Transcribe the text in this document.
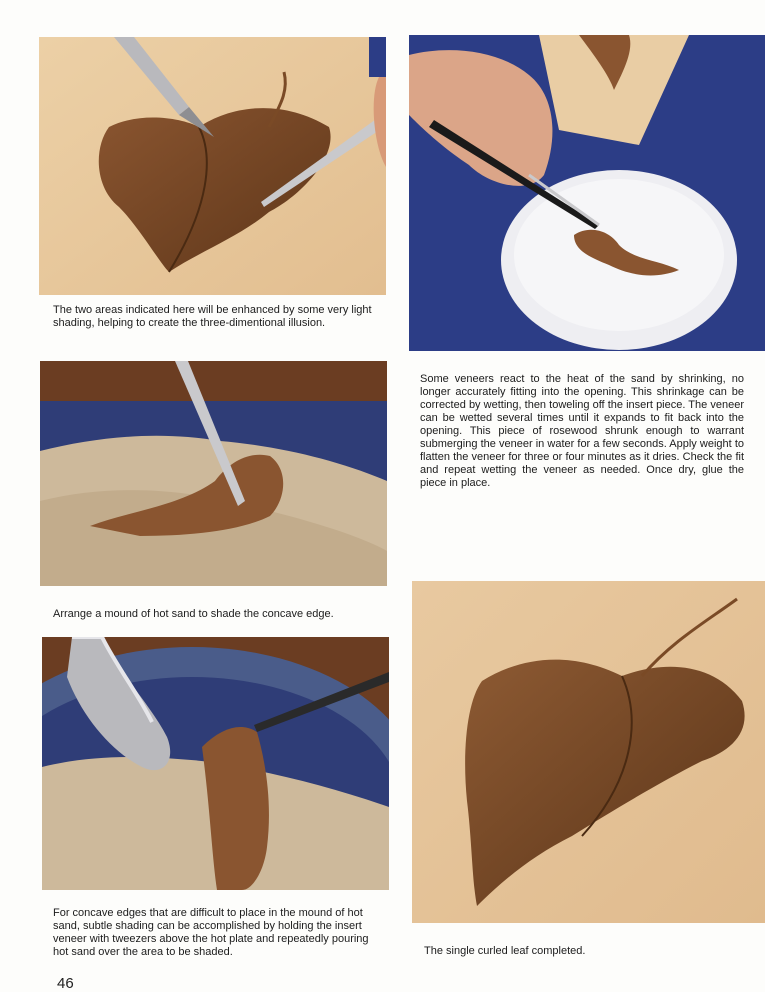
The two areas indicated here will be enhanced by some very light shading, helping to create the three-dimentional illusion.

Some veneers react to the heat of the sand by shrinking, no longer accurately fitting into the opening. This shrinkage can be corrected by wetting, then toweling off the insert piece. The veneer can be wetted several times until it expands to fit back into the opening. This piece of rosewood shrunk enough to warrant submerging the veneer in water for a few seconds. Apply weight to flatten the veneer for three or four minutes as it dries. Check the fit and repeat wetting the veneer as needed. Once dry, glue the piece in place.

Arrange a mound of hot sand to shade the concave edge.

For concave edges that are difficult to place in the mound of hot sand, subtle shading can be accomplished by holding the insert veneer with tweezers above the hot plate and repeatedly pouring hot sand over the area to be shaded.	The single curled leaf completed.

46
